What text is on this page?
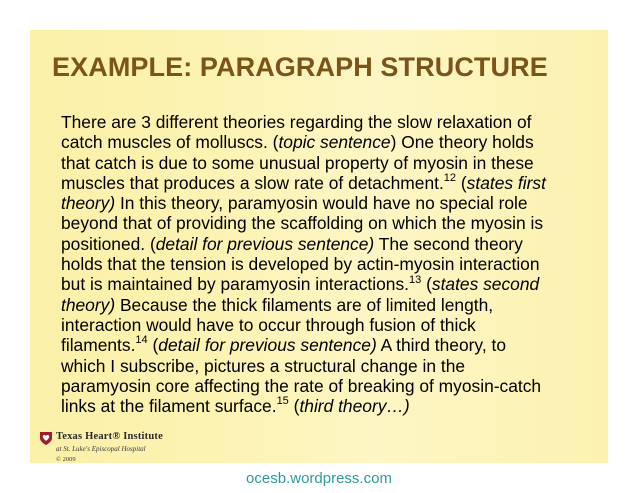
EXAMPLE: PARAGRAPH STRUCTURE
There are 3 different theories regarding the slow relaxation of
catch muscles of molluscs. (topic sentence) One theory holds
that catch is due to some unusual property of myosin in these
muscles that produces a slow rate of detachment.$^{12}$ (states first
theory) In this theory, paramyosin would have no special role
beyond that of providing the scaffolding on which the myosin is
positioned. (detail for previous sentence) The second theory
holds that the tension is developed by actin-myosin interaction
but is maintained by paramyosin interactions.$^{13}$ (states second
theory) Because the thick filaments are of limited length,
interaction would have to occur through fusion of thick
filaments.$^{14}$ (detail for previous sentence) A third theory, to
which I subscribe, pictures a structural change in the
paramyosin core affecting the rate of breaking of myosin-catch
links at the filament surface.$^{15}$ (third theory…)
Texas Heart® Institute
at St. Luke's Episcopal Hospital
© 2009
ocesb.wordpress.com
